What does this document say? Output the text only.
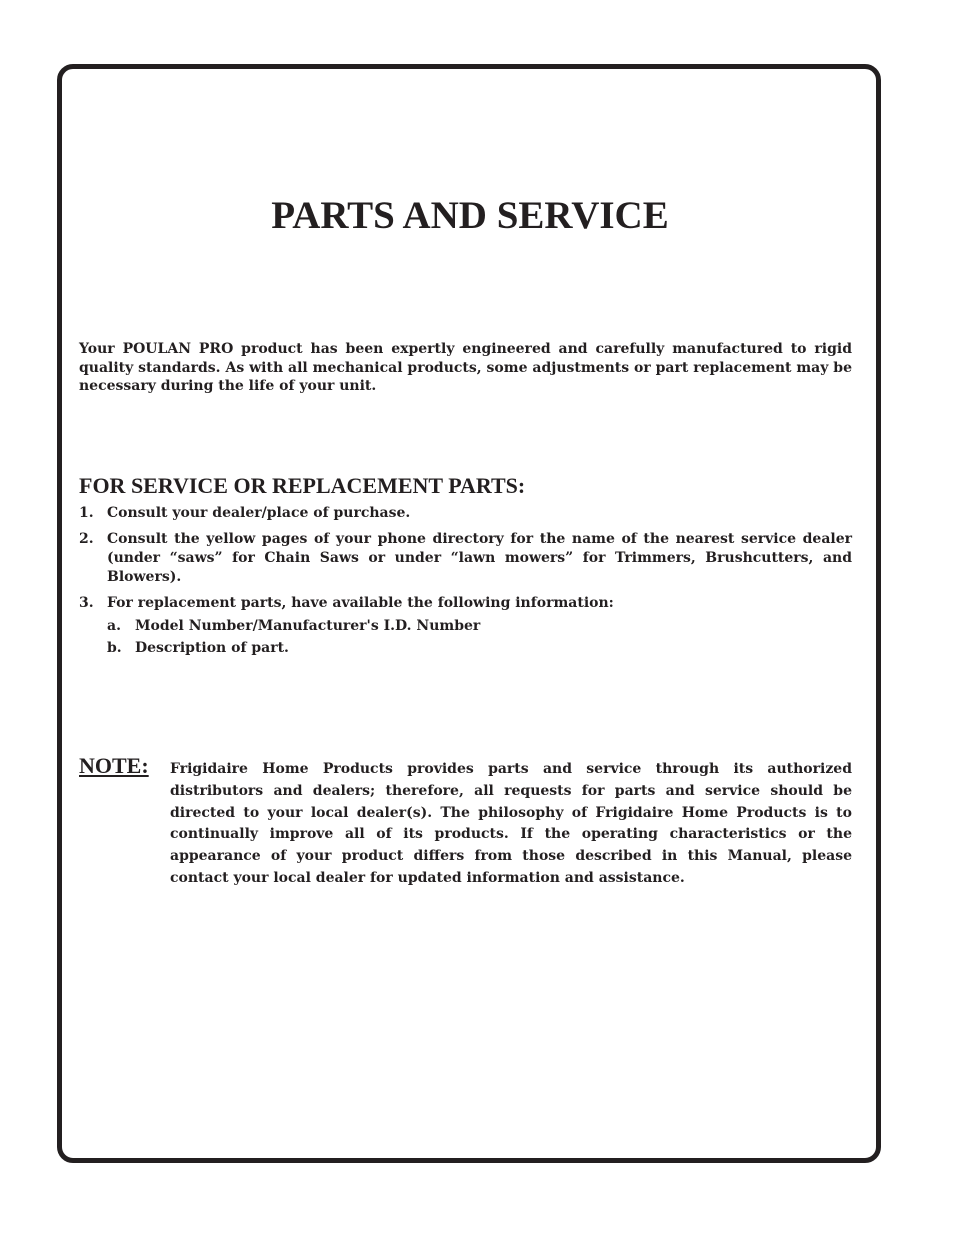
PARTS AND SERVICE

Your POULAN PRO product has been expertly engineered and carefully manufactured to rigid quality standards. As with all mechanical products, some adjustments or part replacement may be necessary during the life of your unit.

FOR SERVICE OR REPLACEMENT PARTS:
1. Consult your dealer/place of purchase.
2. Consult the yellow pages of your phone directory for the name of the nearest service dealer (under “saws” for Chain Saws or under “lawn mowers” for Trimmers, Brushcutters, and Blowers).
3. For replacement parts, have available the following information:
a. Model Number/Manufacturer's I.D. Number
b. Description of part.

NOTE: Frigidaire Home Products provides parts and service through its authorized distributors and dealers; therefore, all requests for parts and service should be directed to your local dealer(s). The philosophy of Frigidaire Home Products is to continually improve all of its products. If the operating characteristics or the appearance of your product differs from those described in this Manual, please contact your local dealer for updated information and assistance.
